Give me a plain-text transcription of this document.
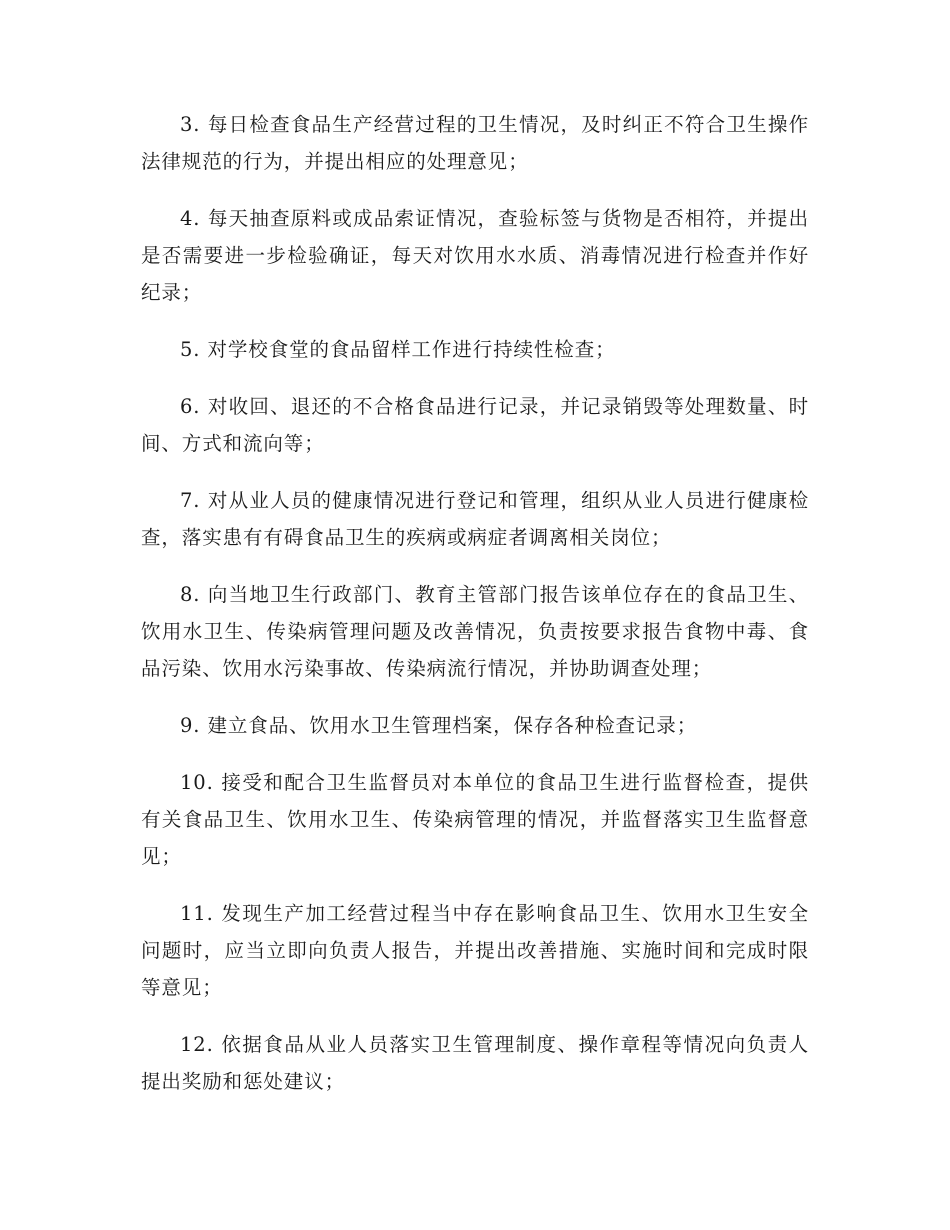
3. 每日检查食品生产经营过程的卫生情况，及时纠正不符合卫生操作法律规范的行为，并提出相应的处理意见；

4. 每天抽查原料或成品索证情况，查验标签与货物是否相符，并提出是否需要进一步检验确证，每天对饮用水水质、消毒情况进行检查并作好纪录；

5. 对学校食堂的食品留样工作进行持续性检查；

6. 对收回、退还的不合格食品进行记录，并记录销毁等处理数量、时间、方式和流向等；

7. 对从业人员的健康情况进行登记和管理，组织从业人员进行健康检查，落实患有有碍食品卫生的疾病或病症者调离相关岗位；

8. 向当地卫生行政部门、教育主管部门报告该单位存在的食品卫生、饮用水卫生、传染病管理问题及改善情况，负责按要求报告食物中毒、食品污染、饮用水污染事故、传染病流行情况，并协助调查处理；

9. 建立食品、饮用水卫生管理档案，保存各种检查记录；

10. 接受和配合卫生监督员对本单位的食品卫生进行监督检查，提供有关食品卫生、饮用水卫生、传染病管理的情况，并监督落实卫生监督意见；

11. 发现生产加工经营过程当中存在影响食品卫生、饮用水卫生安全问题时，应当立即向负责人报告，并提出改善措施、实施时间和完成时限等意见；

12. 依据食品从业人员落实卫生管理制度、操作章程等情况向负责人提出奖励和惩处建议；
